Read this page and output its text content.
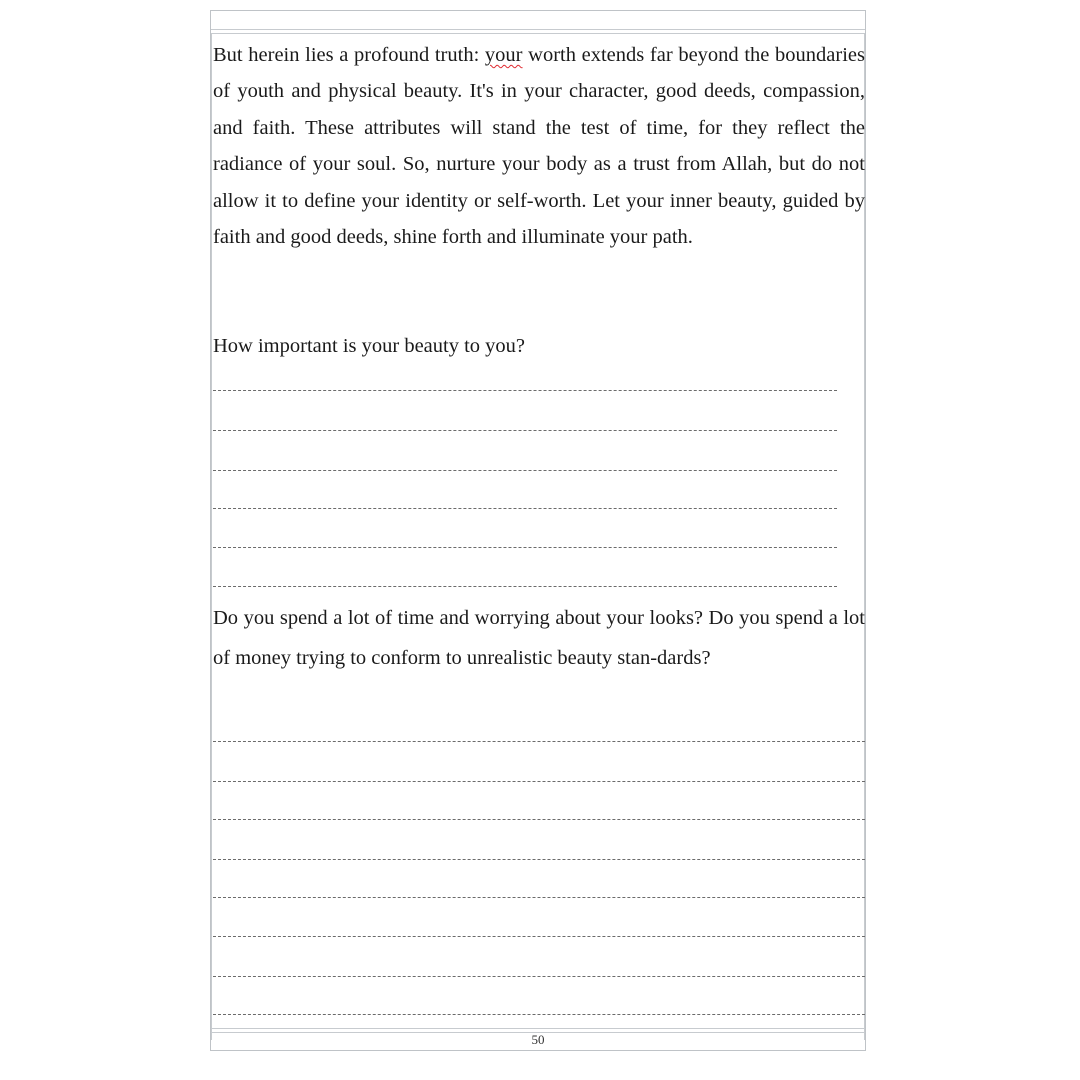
But herein lies a profound truth: your worth extends far beyond the boundaries of youth and physical beauty. It's in your character, good deeds, compassion, and faith. These attributes will stand the test of time, for they reflect the radiance of your soul. So, nurture your body as a trust from Allah, but do not allow it to define your identity or self-worth. Let your inner beauty, guided by faith and good deeds, shine forth and illuminate your path.

How important is your beauty to you?

Do you spend a lot of time and worrying about your looks? Do you spend a lot of money trying to conform to unrealistic beauty stan-dards?

50
